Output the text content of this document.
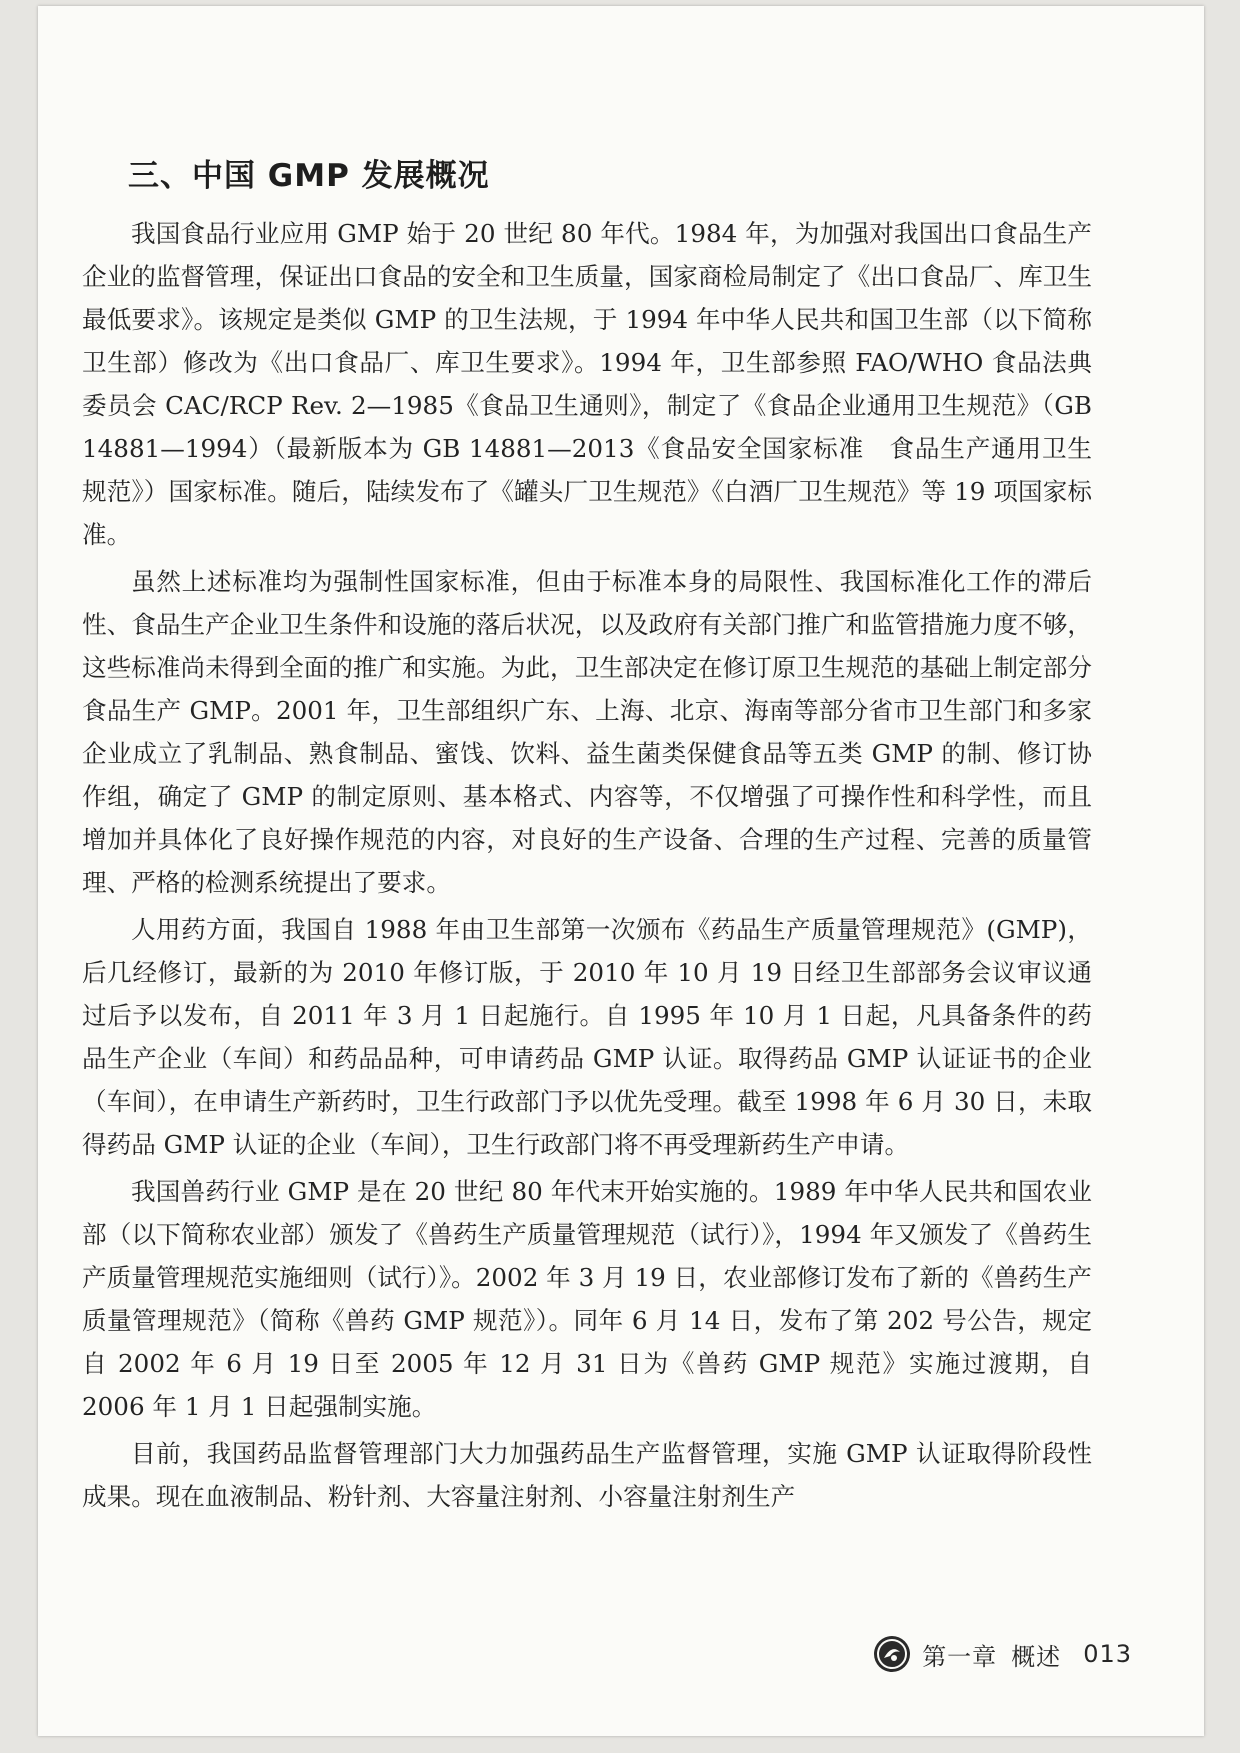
三、中国 GMP 发展概况

我国食品行业应用 GMP 始于 20 世纪 80 年代。1984 年，为加强对我国出口食品生产企业的监督管理，保证出口食品的安全和卫生质量，国家商检局制定了《出口食品厂、库卫生最低要求》。该规定是类似 GMP 的卫生法规，于 1994 年中华人民共和国卫生部（以下简称卫生部）修改为《出口食品厂、库卫生要求》。1994 年，卫生部参照 FAO/WHO 食品法典委员会 CAC/RCP Rev. 2—1985《食品卫生通则》，制定了《食品企业通用卫生规范》（GB 14881—1994）（最新版本为 GB 14881—2013《食品安全国家标准　食品生产通用卫生规范》）国家标准。随后，陆续发布了《罐头厂卫生规范》《白酒厂卫生规范》等 19 项国家标准。

虽然上述标准均为强制性国家标准，但由于标准本身的局限性、我国标准化工作的滞后性、食品生产企业卫生条件和设施的落后状况，以及政府有关部门推广和监管措施力度不够，这些标准尚未得到全面的推广和实施。为此，卫生部决定在修订原卫生规范的基础上制定部分食品生产 GMP。2001 年，卫生部组织广东、上海、北京、海南等部分省市卫生部门和多家企业成立了乳制品、熟食制品、蜜饯、饮料、益生菌类保健食品等五类 GMP 的制、修订协作组，确定了 GMP 的制定原则、基本格式、内容等，不仅增强了可操作性和科学性，而且增加并具体化了良好操作规范的内容，对良好的生产设备、合理的生产过程、完善的质量管理、严格的检测系统提出了要求。

人用药方面，我国自 1988 年由卫生部第一次颁布《药品生产质量管理规范》(GMP)，后几经修订，最新的为 2010 年修订版，于 2010 年 10 月 19 日经卫生部部务会议审议通过后予以发布，自 2011 年 3 月 1 日起施行。自 1995 年 10 月 1 日起，凡具备条件的药品生产企业（车间）和药品品种，可申请药品 GMP 认证。取得药品 GMP 认证证书的企业（车间），在申请生产新药时，卫生行政部门予以优先受理。截至 1998 年 6 月 30 日，未取得药品 GMP 认证的企业（车间），卫生行政部门将不再受理新药生产申请。

我国兽药行业 GMP 是在 20 世纪 80 年代末开始实施的。1989 年中华人民共和国农业部（以下简称农业部）颁发了《兽药生产质量管理规范（试行）》，1994 年又颁发了《兽药生产质量管理规范实施细则（试行）》。2002 年 3 月 19 日，农业部修订发布了新的《兽药生产质量管理规范》（简称《兽药 GMP 规范》）。同年 6 月 14 日，发布了第 202 号公告，规定自 2002 年 6 月 19 日至 2005 年 12 月 31 日为《兽药 GMP 规范》实施过渡期，自 2006 年 1 月 1 日起强制实施。

目前，我国药品监督管理部门大力加强药品生产监督管理，实施 GMP 认证取得阶段性成果。现在血液制品、粉针剂、大容量注射剂、小容量注射剂生产

第一章 概述 013
